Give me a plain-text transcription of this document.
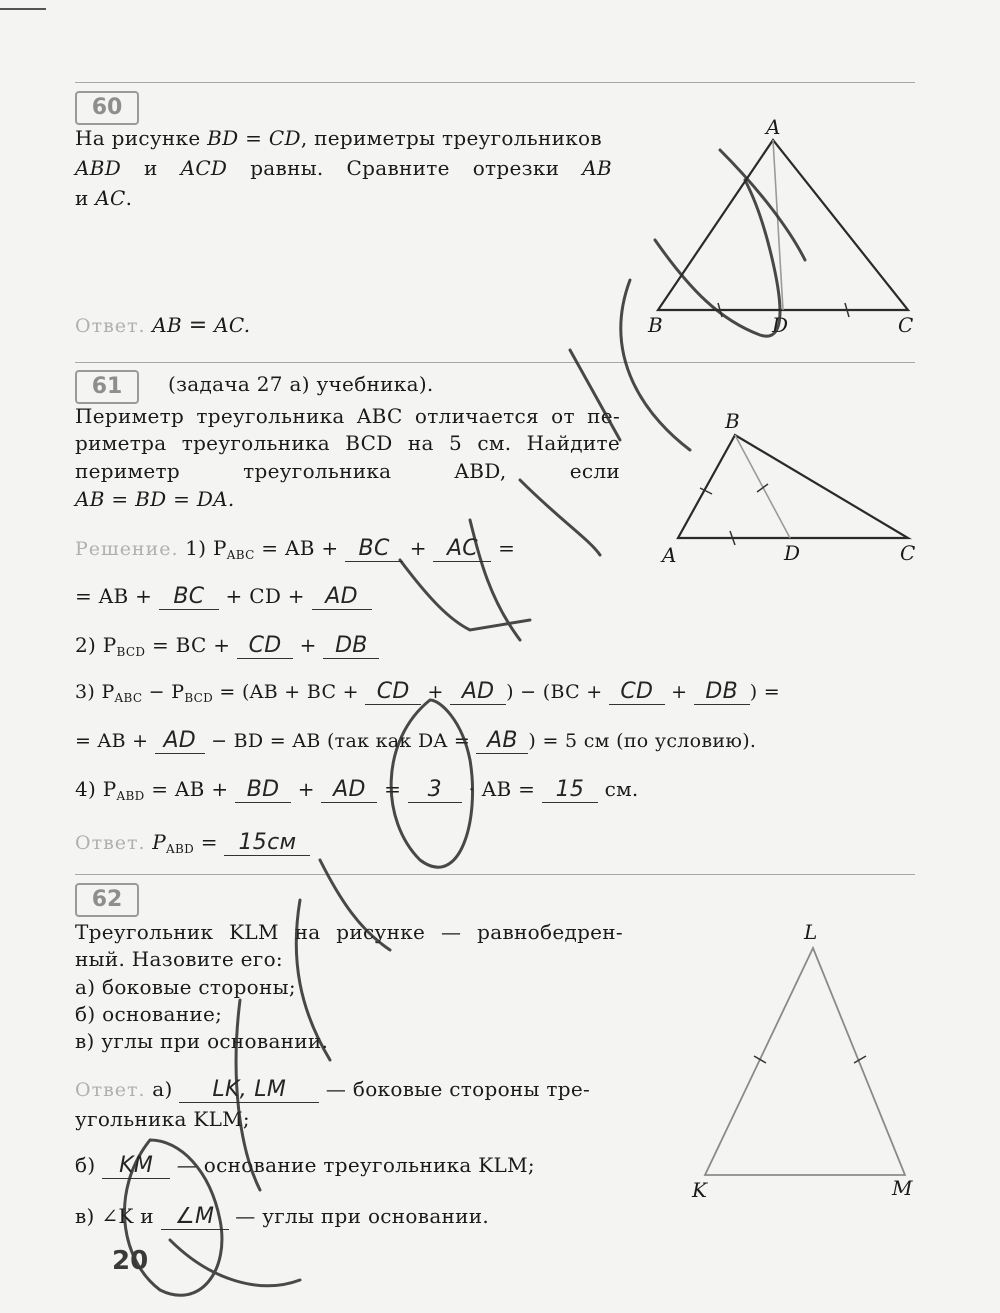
60
На рисунке BD = CD, периметры треугольников
ABD и ACD равны. Сравните отрезки AB
и AC.
Ответ. AB = AC.
A
B	D	C
61	(задача 27 а) учебника).
Периметр треугольника ABC отличается от пе-
риметра треугольника BCD на 5 см. Найдите
периметр треугольника ABD, если
AB = BD = DA.
Решение. 1) $P_{ABC}$ = AB + BC + AC =
= AB + BC + CD + AD
2) $P_{BCD}$ = BC + CD + DB
3) $P_{ABC} - P_{BCD} = (AB$ + BC + CD + AD ) − (BC + CD + DB ) =
= AB + AD − BD = AB (так как DA = AB ) = 5 см (по условию).
4) $P_{ABD}$ = AB + BD + AD = 3 · AB = 15 см.
Ответ. $P_{ABD} = 15см$
B
A	D	C
62
Треугольник KLM на рисунке — равнобедрен-
ный. Назовите его:
а) боковые стороны;
б) основание;
в) углы при основании.
Ответ. а) LK, LM — боковые стороны тре-
угольника KLM;
б) KM — основание треугольника KLM;
в) ∠K и ∠M — углы при основании.
L
K	M
20
